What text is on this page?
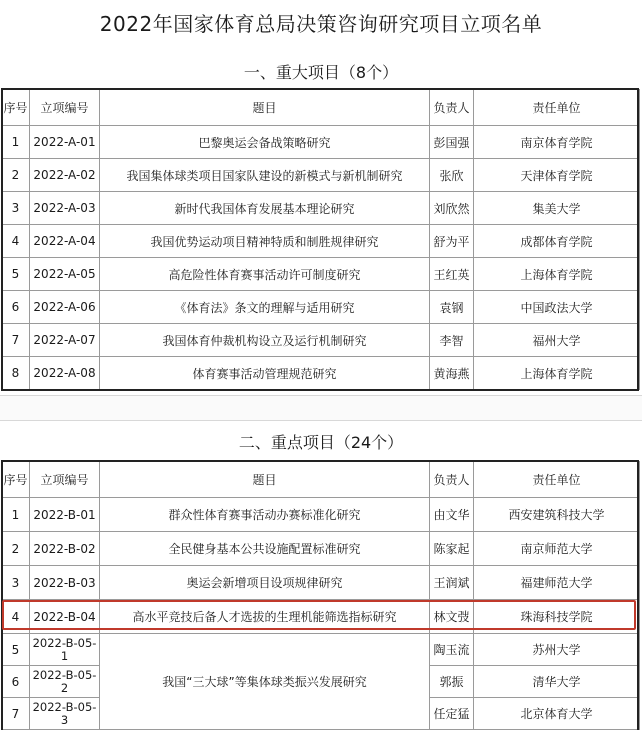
2022年国家体育总局决策咨询研究项目立项名单
一、重大项目（8个）
序号	立项编号	题目	负责人	责任单位
1	2022-A-01	巴黎奥运会备战策略研究	彭国强	南京体育学院
2	2022-A-02	我国集体球类项目国家队建设的新模式与新机制研究	张欣	天津体育学院
3	2022-A-03	新时代我国体育发展基本理论研究	刘欣然	集美大学
4	2022-A-04	我国优势运动项目精神特质和制胜规律研究	舒为平	成都体育学院
5	2022-A-05	高危险性体育赛事活动许可制度研究	王红英	上海体育学院
6	2022-A-06	《体育法》条文的理解与适用研究	袁钢	中国政法大学
7	2022-A-07	我国体育仲裁机构设立及运行机制研究	李智	福州大学
8	2022-A-08	体育赛事活动管理规范研究	黄海燕	上海体育学院
二、重点项目（24个）
序号	立项编号	题目	负责人	责任单位
1	2022-B-01	群众性体育赛事活动办赛标准化研究	由文华	西安建筑科技大学
2	2022-B-02	全民健身基本公共设施配置标准研究	陈家起	南京师范大学
3	2022-B-03	奥运会新增项目设项规律研究	王润斌	福建师范大学
4	2022-B-04	高水平竞技后备人才选拔的生理机能筛选指标研究	林文弢	珠海科技学院
5	2022-B-05-1	我国“三大球”等集体球类振兴发展研究	陶玉流	苏州大学
6	2022-B-05-2		郭振	清华大学
7	2022-B-05-3		任定猛	北京体育大学
